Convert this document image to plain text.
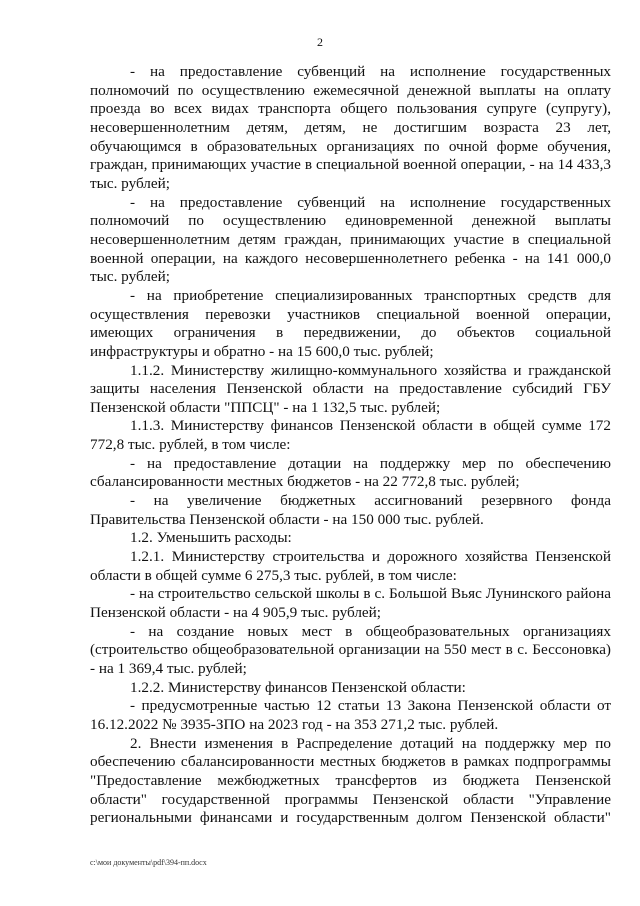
2

- на предоставление субвенций на исполнение государственных полномочий по осуществлению ежемесячной денежной выплаты на оплату проезда во всех видах транспорта общего пользования супруге (супругу), несовершеннолетним детям, детям, не достигшим возраста 23 лет, обучающимся в образовательных организациях по очной форме обучения, граждан, принимающих участие в специальной военной операции, - на 14 433,3 тыс. рублей;

- на предоставление субвенций на исполнение государственных полномочий по осуществлению единовременной денежной выплаты несовершеннолетним детям граждан, принимающих участие в специальной военной операции, на каждого несовершеннолетнего ребенка - на 141 000,0 тыс. рублей;

- на приобретение специализированных транспортных средств для осуществления перевозки участников специальной военной операции, имеющих ограничения в передвижении, до объектов социальной инфраструктуры и обратно - на 15 600,0 тыс. рублей;

1.1.2. Министерству жилищно-коммунального хозяйства и гражданской защиты населения Пензенской области на предоставление субсидий ГБУ Пензенской области "ППСЦ" - на 1 132,5 тыс. рублей;

1.1.3. Министерству финансов Пензенской области в общей сумме 172 772,8 тыс. рублей, в том числе:

- на предоставление дотации на поддержку мер по обеспечению сбалансированности местных бюджетов - на 22 772,8 тыс. рублей;

- на увеличение бюджетных ассигнований резервного фонда Правительства Пензенской области - на 150 000 тыс. рублей.

1.2. Уменьшить расходы:

1.2.1. Министерству строительства и дорожного хозяйства Пензенской области в общей сумме 6 275,3 тыс. рублей, в том числе:

- на строительство сельской школы в с. Большой Вьяс Лунинского района Пензенской области - на 4 905,9 тыс. рублей;

- на создание новых мест в общеобразовательных организациях (строительство общеобразовательной организации на 550 мест в с. Бессоновка) - на 1 369,4 тыс. рублей;

1.2.2. Министерству финансов Пензенской области:

- предусмотренные частью 12 статьи 13 Закона Пензенской области от 16.12.2022 № 3935-ЗПО на 2023 год - на 353 271,2 тыс. рублей.

2. Внести изменения в Распределение дотаций на поддержку мер по обеспечению сбалансированности местных бюджетов в рамках подпрограммы "Предоставление межбюджетных трансфертов из бюджета Пензенской области" государственной программы Пензенской области "Управление региональными финансами и государственным долгом Пензенской области"

c:\мои документы\pdf\394-пп.docx
